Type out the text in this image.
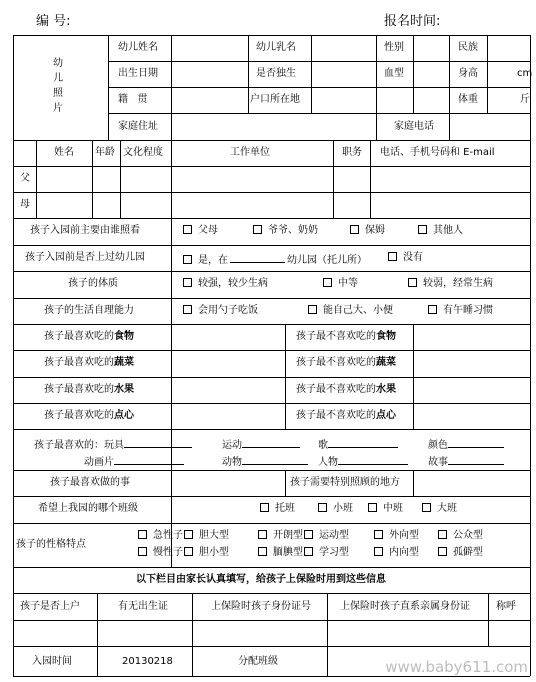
编 号:	报名时间:
幼
儿
照
片
幼儿姓名	幼儿乳名	性别	民族
出生日期	是否独生	血型	身高	cm
籍   贯	户口所在地	体重	斤
家庭住址	家庭电话
姓名 年龄 文化程度	工作单位	职务 电话、手机号码和 E-mail
父
母
孩子入园前主要由谁照看	父母	爷爷、奶奶	保姆	其他人
孩子入园前是否上过幼儿园	是，在	幼儿园（托儿所）	没有
孩子的体质	较强，较少生病	中等	较弱，经常生病
孩子的生活自理能力	会用勺子吃饭	能自己大、小便	有午睡习惯
孩子最喜欢吃的食物	孩子最不喜欢吃的食物
孩子最喜欢吃的蔬菜	孩子最不喜欢吃的蔬菜
孩子最喜欢吃的水果	孩子最不喜欢吃的水果
孩子最喜欢吃的点心	孩子最不喜欢吃的点心
孩子最喜欢的：玩具	运动	歌	颜色
动画片	动物	人物	故事
孩子最喜欢做的事	孩子需要特别照顾的地方
希望上我园的哪个班级	托班	小班	中班	大班
孩子的性格特点
急性子	胆大型	开朗型	运动型	外向型	公众型
慢性子	胆小型	腼腆型	学习型	内向型	孤僻型
以下栏目由家长认真填写，给孩子上保险时用到这些信息
孩子是否上户	有无出生证	上保险时孩子身份证号	上保险时孩子直系亲属身份证	称呼
入园时间	20130218	分配班级	www.baby611.com
